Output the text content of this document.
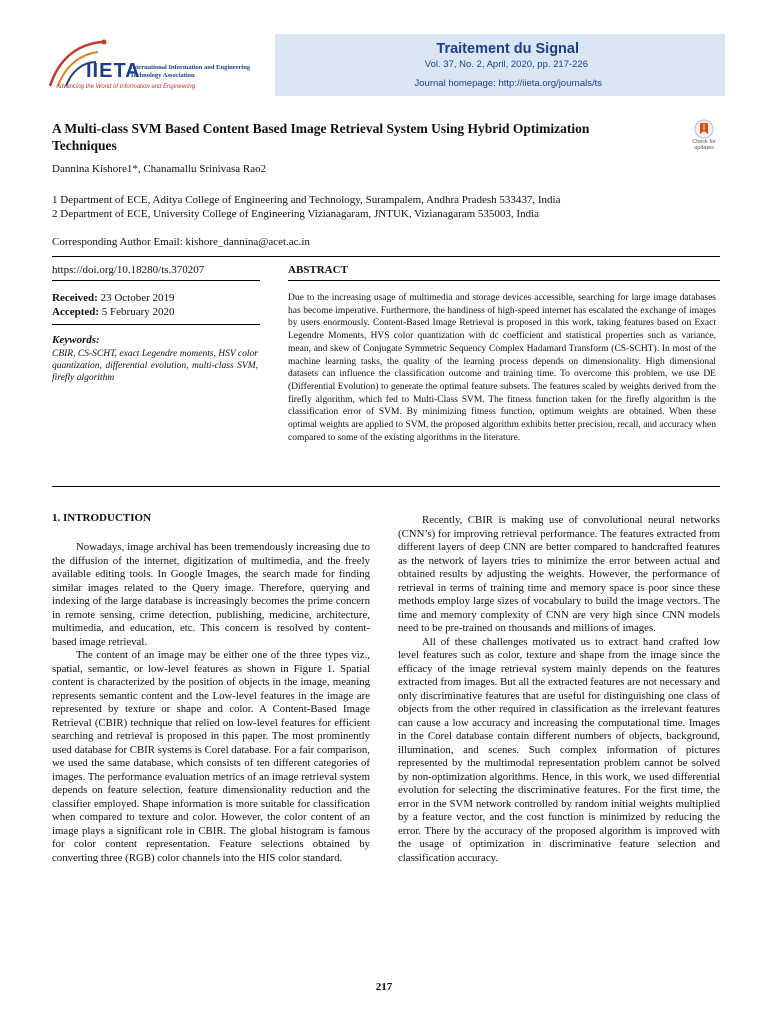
IIETA
International Information and Engineering Technology Association
Advancing the World of Information and Engineering
Traitement du Signal
Vol. 37, No. 2, April, 2020, pp. 217-226
Journal homepage: http://iieta.org/journals/ts
A Multi-class SVM Based Content Based Image Retrieval System Using Hybrid Optimization Techniques	Check for updates
Dannina Kishore1*, Chanamallu Srinivasa Rao2
1 Department of ECE, Aditya College of Engineering and Technology, Surampalem, Andhra Pradesh 533437, India
2 Department of ECE, University College of Engineering Vizianagaram, JNTUK, Vizianagaram 535003, India
Corresponding Author Email: kishore_dannina@acet.ac.in
https://doi.org/10.18280/ts.370207	ABSTRACT
Received: 23 October 2019
Accepted: 5 February 2020
Keywords:
CBIR, CS-SCHT, exact Legendre moments, HSV color quantization, differential evolution, multi-class SVM, firefly algorithm
Due to the increasing usage of multimedia and storage devices accessible, searching for large image databases has become imperative. Furthermore, the handiness of high-speed internet has escalated the exchange of images by users enormously. Content-Based Image Retrieval is proposed in this work, taking features based on Exact Legendre Moments, HVS color quantization with dc coefficient and statistical properties such as variance, mean, and skew of Conjugate Symmetric Sequency Complex Hadamard Transform (CS-SCHT). In most of the machine learning tasks, the quality of the learning process depends on dimensionality. High dimensional datasets can influence the classification outcome and training time. To overcome this problem, we use DE (Differential Evolution) to generate the optimal feature subsets. The features scaled by weights derived from the firefly algorithm, which fed to Multi-Class SVM. The fitness function taken for the firefly algorithm is the classification error of SVM. By minimizing fitness function, optimum weights are obtained. When these optimal weights are applied to SVM, the proposed algorithm exhibits better precision, recall, and accuracy when compared to some of the existing algorithms in the literature.
1. INTRODUCTION

Nowadays, image archival has been tremendously increasing due to the diffusion of the internet, digitization of multimedia, and the freely available editing tools. In Google Images, the search made for finding similar images related to the Query image. Therefore, querying and indexing of the large database is increasingly becomes the prime concern in remote sensing, crime detection, publishing, medicine, architecture, multimedia, and education, etc. This concern is resolved by content-based image retrieval.

The content of an image may be either one of the three types viz., spatial, semantic, or low-level features as shown in Figure 1. Spatial content is characterized by the position of objects in the image, meaning represents semantic content and the Low-level features in the image are represented by texture or shape and color. A Content-Based Image Retrieval (CBIR) technique that relied on low-level features for efficient searching and retrieval is proposed in this paper. The most prominently used database for CBIR systems is Corel database. For a fair comparison, we used the same database, which consists of ten different categories of images. The performance evaluation metrics of an image retrieval system depends on feature selection, feature dimensionality reduction and the classifier employed. Shape information is more suitable for classification when compared to texture and color. However, the color content of an image plays a significant role in CBIR. The global histogram is famous for color content representation. Feature selections obtained by converting three (RGB) color channels into the HIS color standard.

Recently, CBIR is making use of convolutional neural networks (CNN’s) for improving retrieval performance. The features extracted from different layers of deep CNN are better compared to handcrafted features as the network of layers tries to minimize the error between actual and obtained results by adjusting the weights. However, the performance of retrieval in terms of training time and memory space is poor since these methods employ large sizes of vocabulary to build the image vectors. The time and memory complexity of CNN are very high since CNN models need to be pre-trained on thousands and millions of images.

All of these challenges motivated us to extract hand crafted low level features such as color, texture and shape from the image since the efficacy of the image retrieval system mainly depends on the features extracted from images. But all the extracted features are not necessary and only discriminative features that are useful for distinguishing one class of objects from the other required in classification as the irrelevant features can cause a low accuracy and increasing the computational time. Images in the Corel database contain different numbers of objects, background, illumination, and scenes. Such complex information of pictures represented by the multimodal representation problem cannot be solved by non-optimization algorithms. Hence, in this work, we used differential evolution for selecting the discriminative features. For the first time, the error in the SVM network controlled by random initial weights multiplied by a feature vector, and the cost function is minimized by reducing the error. There by the accuracy of the proposed algorithm is improved with the usage of optimization in discriminative feature selection and classification accuracy.

217
